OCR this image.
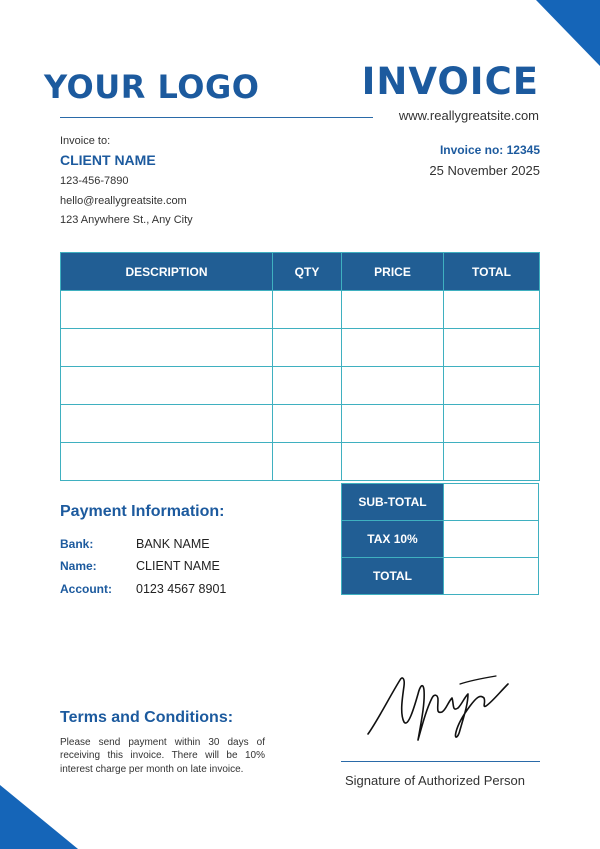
YOUR LOGO	INVOICE
www.reallygreatsite.com
Invoice to:
CLIENT NAME
123-456-7890
hello@reallygreatsite.com
123 Anywhere St., Any City
Invoice no: 12345
25 November 2025
DESCRIPTION	QTY	PRICE	TOTAL

SUB-TOTAL	
TAX 10%	
TOTAL	
Payment Information:
Bank:	BANK NAME
Name:	CLIENT NAME
Account: 0123 4567 8901
Terms and Conditions:
Please send payment within 30 days of receiving this invoice. There will be 10% interest charge per month on late invoice.
Signature of Authorized Person
